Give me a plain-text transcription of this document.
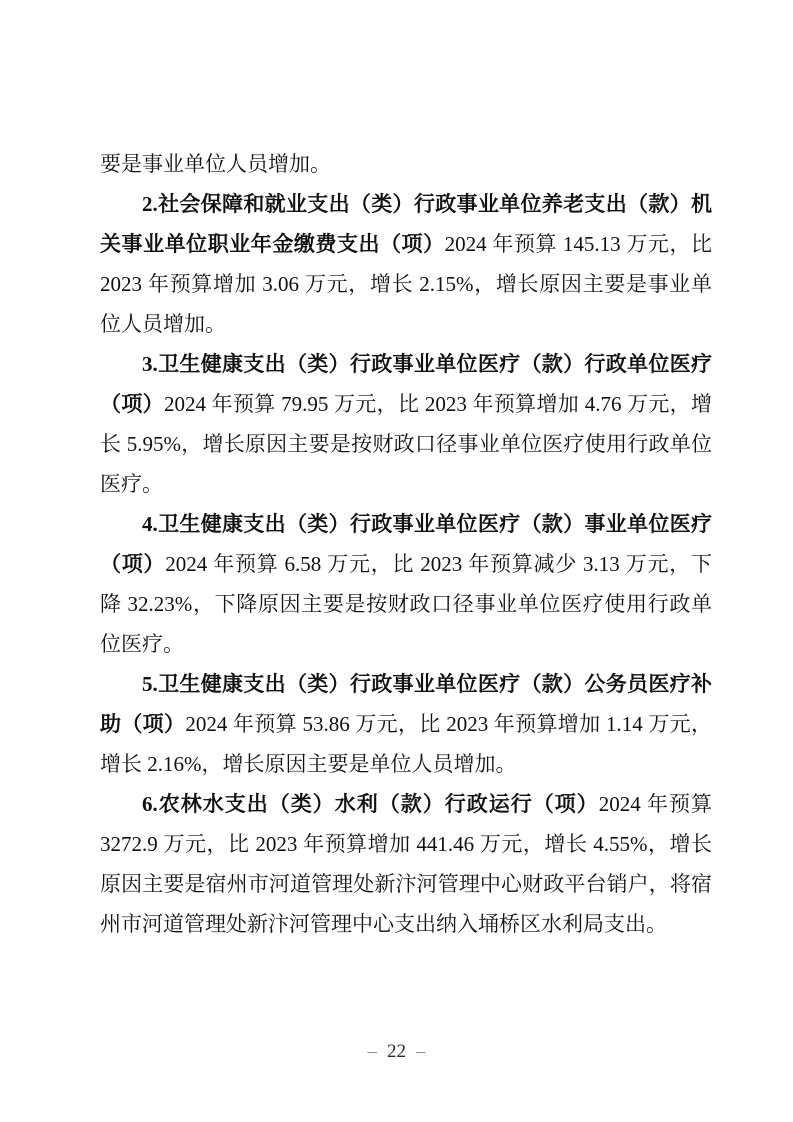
要是事业单位人员增加。

2.社会保障和就业支出（类）行政事业单位养老支出（款）机关事业单位职业年金缴费支出（项）2024 年预算 145.13 万元，比 2023 年预算增加 3.06 万元，增长 2.15%，增长原因主要是事业单位人员增加。

3.卫生健康支出（类）行政事业单位医疗（款）行政单位医疗（项）2024 年预算 79.95 万元，比 2023 年预算增加 4.76 万元，增长 5.95%，增长原因主要是按财政口径事业单位医疗使用行政单位医疗。

4.卫生健康支出（类）行政事业单位医疗（款）事业单位医疗（项）2024 年预算 6.58 万元，比 2023 年预算减少 3.13 万元，下降 32.23%，下降原因主要是按财政口径事业单位医疗使用行政单位医疗。

5.卫生健康支出（类）行政事业单位医疗（款）公务员医疗补助（项）2024 年预算 53.86 万元，比 2023 年预算增加 1.14 万元，增长 2.16%，增长原因主要是单位人员增加。

6.农林水支出（类）水利（款）行政运行（项）2024 年预算 3272.9 万元，比 2023 年预算增加 441.46 万元，增长 4.55%，增长原因主要是宿州市河道管理处新汴河管理中心财政平台销户，将宿州市河道管理处新汴河管理中心支出纳入埇桥区水利局支出。

– 22 –
